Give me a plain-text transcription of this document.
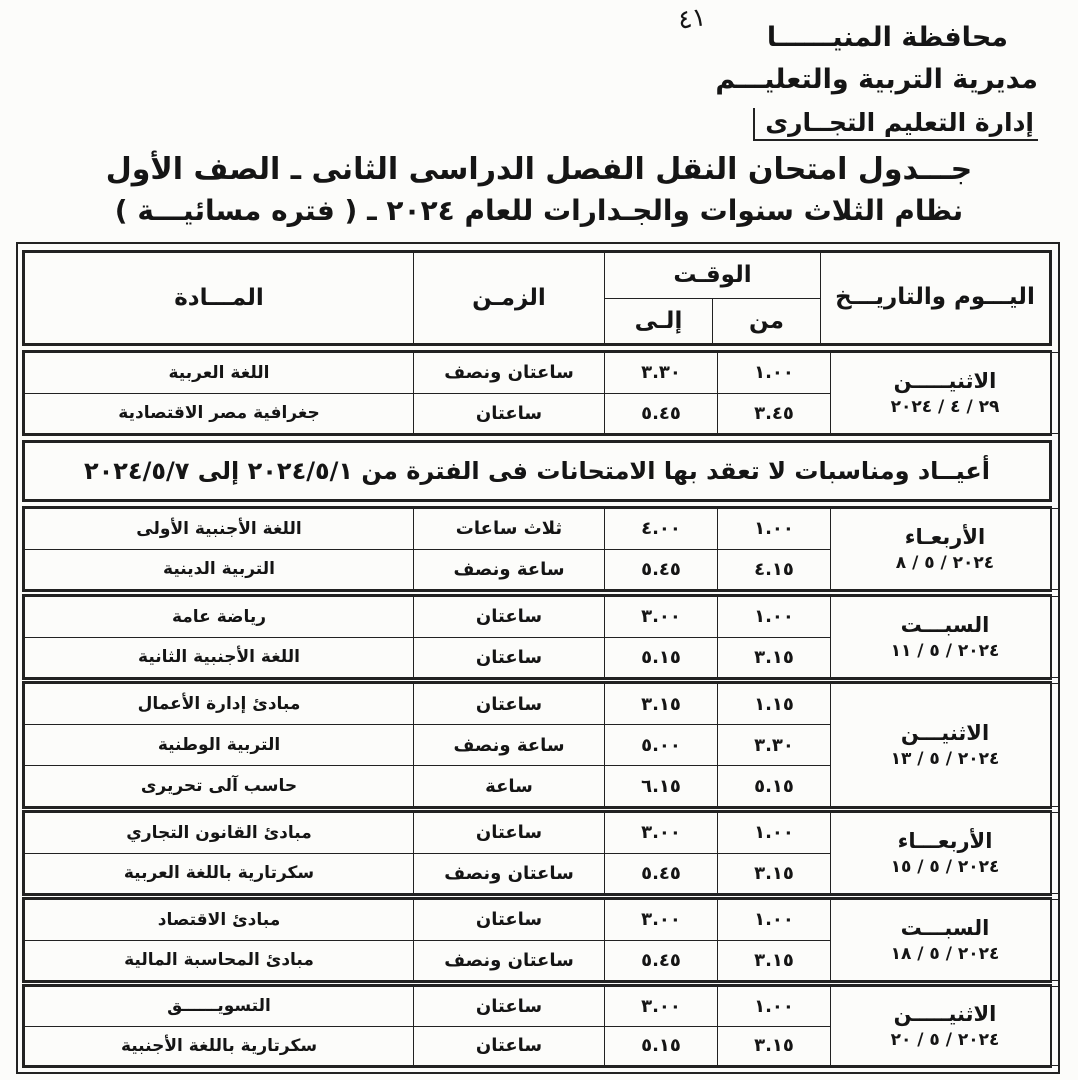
٤١
محافظة المنيــــــا
مديرية التربية والتعليـــم
إدارة التعليم التجــارى
جـــدول امتحان النقل الفصل الدراسى الثانى ـ الصف الأول
نظام الثلاث سنوات والجـدارات للعام ٢٠٢٤ ـ ( فتره مسائيـــة )
المـــادة	الزمـن	الوقـت		اليـــوم والتاريـــخ
		إلـى	من	
اللغة العربية	ساعتان ونصف	٣.٣٠	١.٠٠	الاثنيـــــن
٢٩ / ٤ / ٢٠٢٤

جغرافية مصر الاقتصادية	ساعتان	٥.٤٥	٣.٤٥	
أعيــاد ومناسبات لا تعقد بها الامتحانات فى الفترة من ٢٠٢٤/٥/١ إلى ٢٠٢٤/٥/٧
اللغة الأجنبية الأولى	ثلاث ساعات	٤.٠٠	١.٠٠	الأربعـاء
٢٠٢٤ / ٥ / ٨

التربية الدينية	ساعة ونصف	٥.٤٥	٤.١٥	
رياضة عامة	ساعتان	٣.٠٠	١.٠٠	السبـــت
٢٠٢٤ / ٥ / ١١

اللغة الأجنبية الثانية	ساعتان	٥.١٥	٣.١٥	
مبادئ إدارة الأعمال	ساعتان	٣.١٥	١.١٥	الاثنيـــن
٢٠٢٤ / ٥ / ١٣

التربية الوطنية	ساعة ونصف	٥.٠٠	٣.٣٠	
حاسب آلى تحريرى	ساعة	٦.١٥	٥.١٥	
مبادئ القانون التجاري	ساعتان	٣.٠٠	١.٠٠	الأربعـــاء
٢٠٢٤ / ٥ / ١٥

سكرتارية باللغة العربية	ساعتان ونصف	٥.٤٥	٣.١٥	
مبادئ الاقتصاد	ساعتان	٣.٠٠	١.٠٠	السبـــت
٢٠٢٤ / ٥ / ١٨

مبادئ المحاسبة المالية	ساعتان ونصف	٥.٤٥	٣.١٥	
التسويــــــق	ساعتان	٣.٠٠	١.٠٠	الاثنيـــــن
٢٠٢٤ / ٥ / ٢٠

سكرتارية باللغة الأجنبية	ساعتان	٥.١٥	٣.١٥	
